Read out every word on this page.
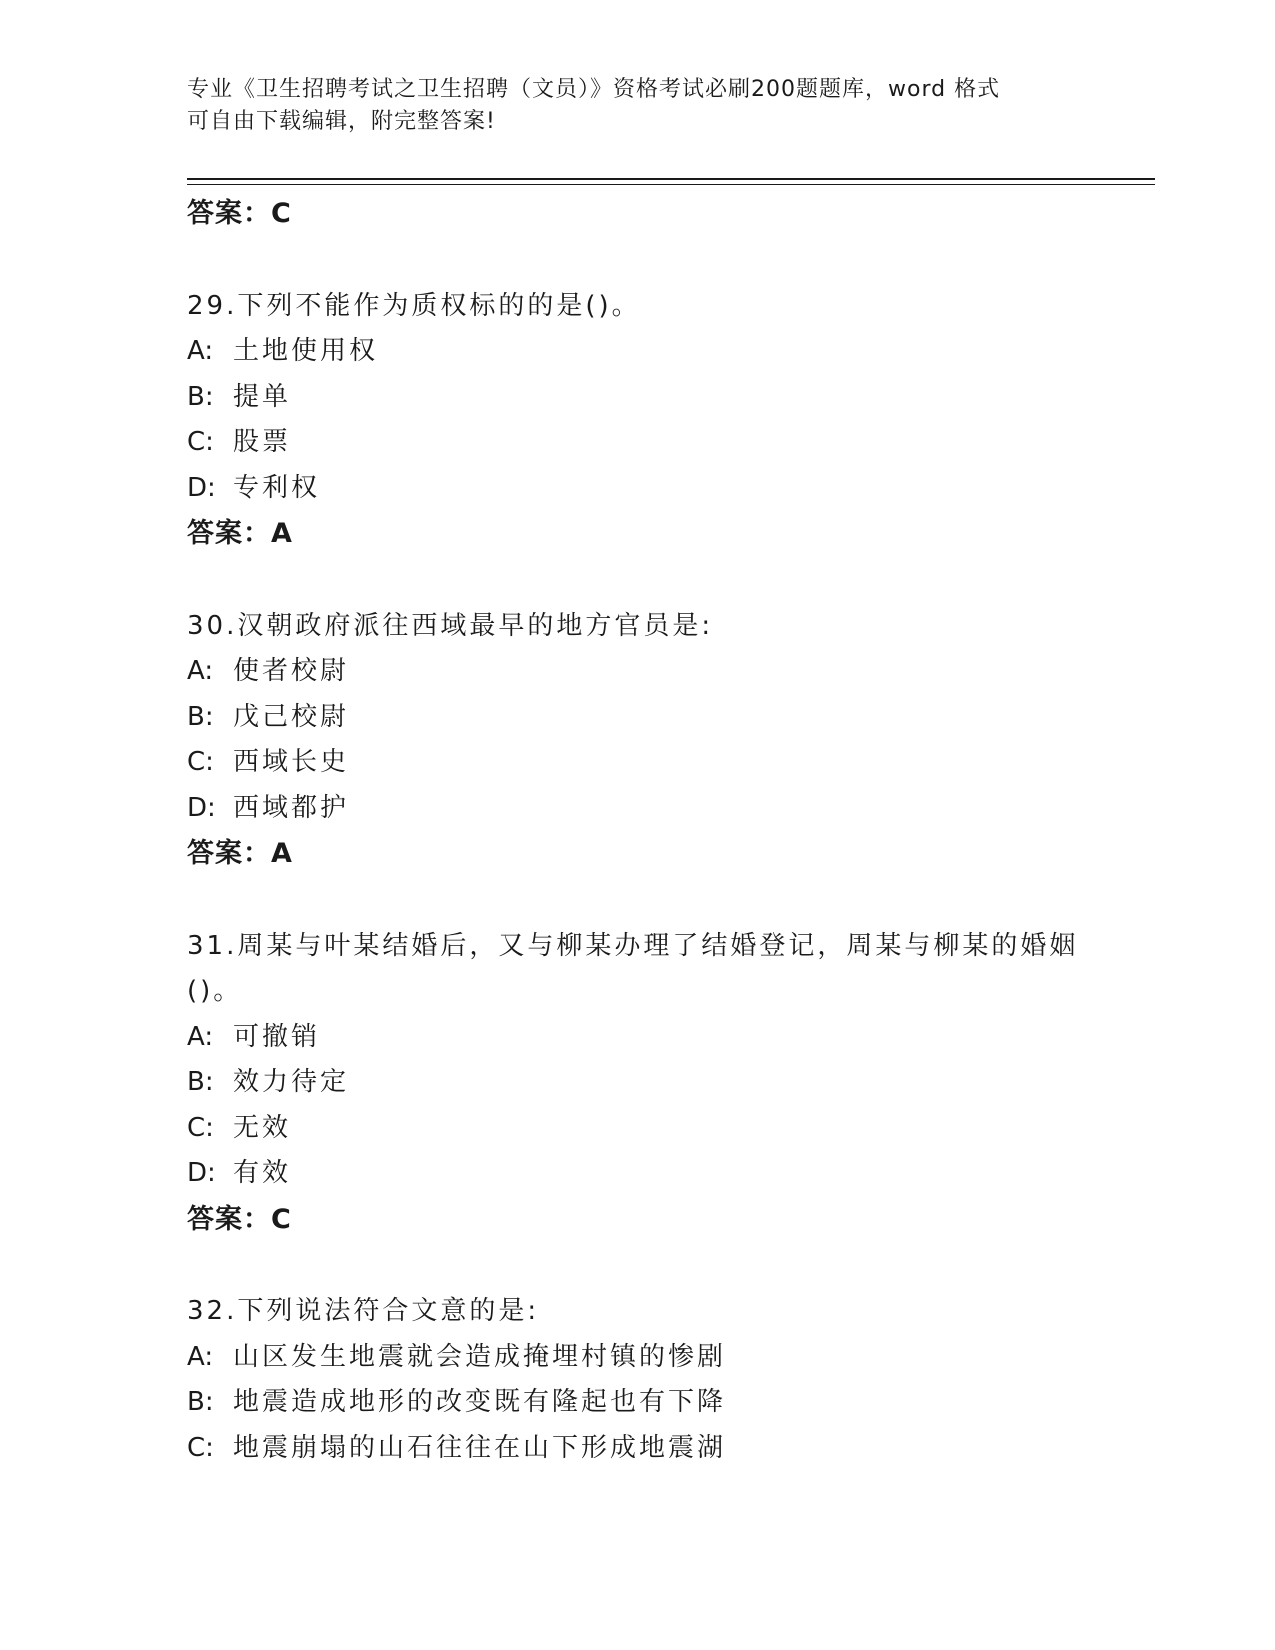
专业《卫生招聘考试之卫生招聘（文员）》资格考试必刷200题题库，word 格式
可自由下载编辑，附完整答案!
答案：C
29.下列不能作为质权标的的是()。
A: 土地使用权
B: 提单
C: 股票
D: 专利权
答案：A
30.汉朝政府派往西域最早的地方官员是:
A: 使者校尉
B: 戊己校尉
C: 西域长史
D: 西域都护
答案：A
31.周某与叶某结婚后，又与柳某办理了结婚登记，周某与柳某的婚姻
()。
A: 可撤销
B: 效力待定
C: 无效
D: 有效
答案：C
32.下列说法符合文意的是:
A: 山区发生地震就会造成掩埋村镇的惨剧
B: 地震造成地形的改变既有隆起也有下降
C: 地震崩塌的山石往往在山下形成地震湖
